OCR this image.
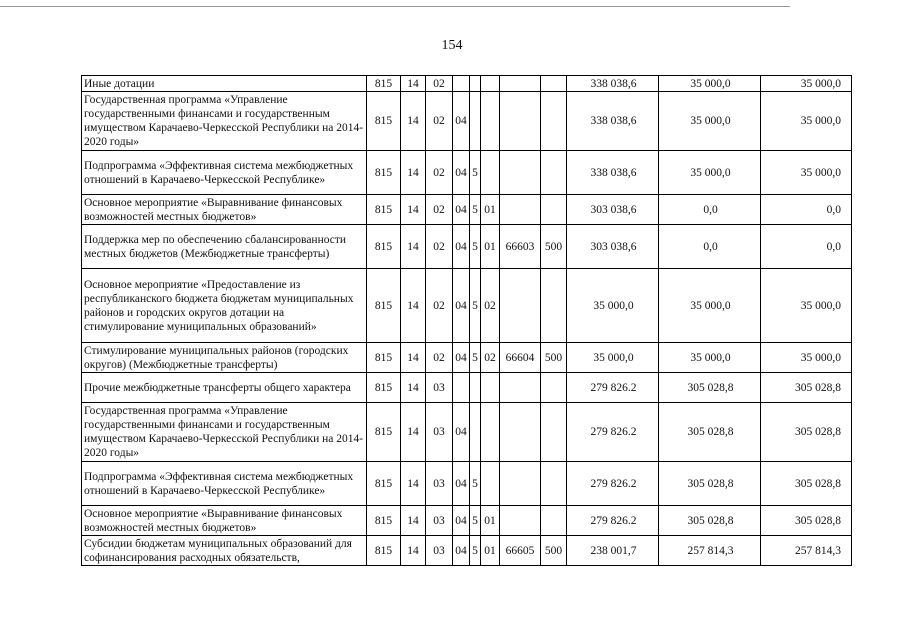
154
Иные дотации	815	14	02						338 038,6	35 000,0	35 000,0
Государственная программа «Управление государственными финансами и государственным имуществом Карачаево-Черкесской Республики на 2014-2020 годы»	815	14	02	04					338 038,6	35 000,0	35 000,0
Подпрограмма «Эффективная система межбюджетных отношений в Карачаево-Черкесской Республике»	815	14	02	04	5				338 038,6	35 000,0	35 000,0
Основное мероприятие «Выравнивание финансовых возможностей местных бюджетов»	815	14	02	04	5	01			303 038,6	0,0	0,0
Поддержка мер по обеспечению сбалансированности местных бюджетов (Межбюджетные трансферты)	815	14	02	04	5	01	66603	500	303 038,6	0,0	0,0
Основное мероприятие «Предоставление из республиканского бюджета бюджетам муниципальных районов и городских округов дотации на стимулирование муниципальных образований»	815	14	02	04	5	02			35 000,0	35 000,0	35 000,0
Стимулирование муниципальных районов (городских округов) (Межбюджетные трансферты)	815	14	02	04	5	02	66604	500	35 000,0	35 000,0	35 000,0
Прочие межбюджетные трансферты общего характера	815	14	03						279 826.2	305 028,8	305 028,8
Государственная программа «Управление государственными финансами и государственным имуществом Карачаево-Черкесской Республики на 2014-2020 годы»	815	14	03	04					279 826.2	305 028,8	305 028,8
Подпрограмма «Эффективная система межбюджетных отношений в Карачаево-Черкесской Республике»	815	14	03	04	5				279 826.2	305 028,8	305 028,8
Основное мероприятие «Выравнивание финансовых возможностей местных бюджетов»	815	14	03	04	5	01			279 826.2	305 028,8	305 028,8
Субсидии бюджетам муниципальных образований для софинансирования расходных обязательств,	815	14	03	04	5	01	66605	500	238 001,7	257 814,3	257 814,3
